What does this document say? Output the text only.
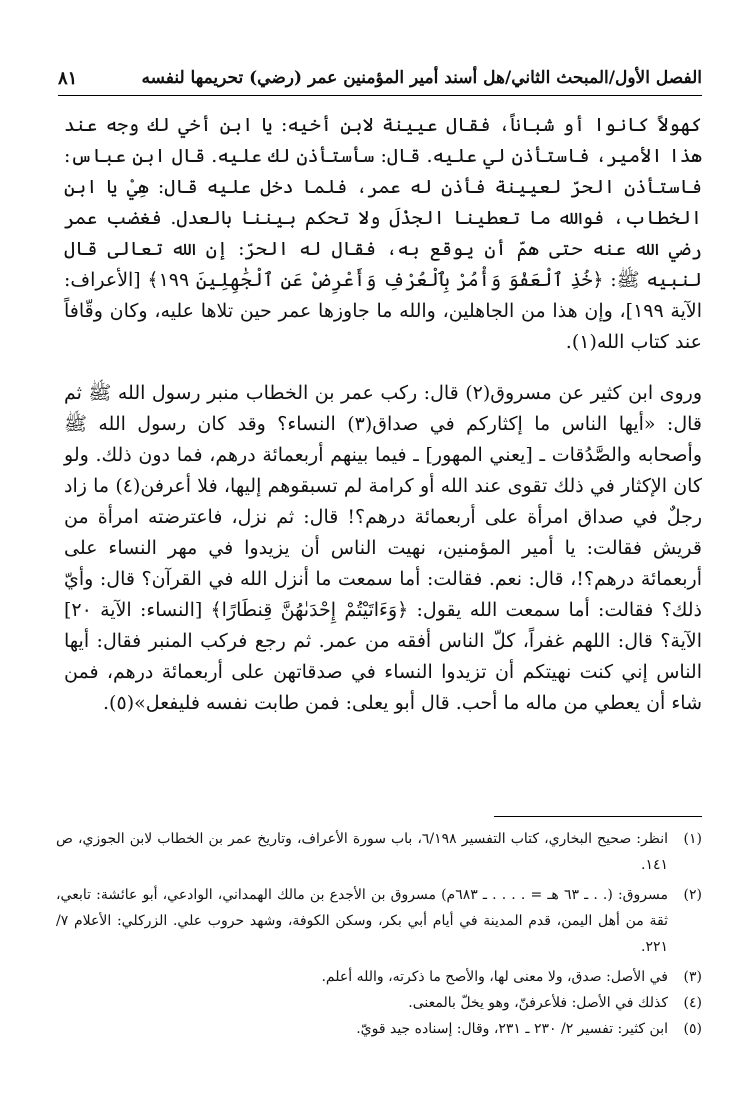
الفصل الأول/المبحث الثاني/هل أسند أمير المؤمنين عمر (رضي) تحريمها لنفسه
٨١

كهولاً كانوا أو شباناً، فقال عيينة لابن أخيه: يا ابن أخي لك وجه عند هذا الأمير، فاستأذن لي عليه. قال: سأستأذن لك عليه. قال ابن عباس: فاستأذن الحرّ لعيينة فأذن له عمر، فلما دخل عليه قال: هِيْ يا ابن الخطاب، فوالله ما تعطينا الجذْلَ ولا تحكم بيننا بالعدل. فغضب عمر رضي الله عنه حتى همّ أن يوقع به، فقال له الحرّ: إن الله تعالى قال لنبيه ﷺ: ﴿خُذِ ٱلْعَفْوَ وَأْمُرْ بِٱلْعُرْفِ وَأَعْرِضْ عَنِ ٱلْجَٰهِلِينَ ١٩٩﴾ [الأعراف: الآية ١٩٩]، وإن هذا من الجاهلين، والله ما جاوزها عمر حين تلاها عليه، وكان وقّافاً عند كتاب الله(١).

وروى ابن كثير عن مسروق(٢) قال: ركب عمر بن الخطاب منبر رسول الله ﷺ ثم قال: «أيها الناس ما إكثاركم في صداق(٣) النساء؟ وقد كان رسول الله ﷺ وأصحابه والصَّدُقات ـ [يعني المهور] ـ فيما بينهم أربعمائة درهم، فما دون ذلك. ولو كان الإكثار في ذلك تقوى عند الله أو كرامة لم تسبقوهم إليها، فلا أعرفن(٤) ما زاد رجلٌ في صداق امرأة على أربعمائة درهم؟! قال: ثم نزل، فاعترضته امرأة من قريش فقالت: يا أمير المؤمنين، نهيت الناس أن يزيدوا في مهر النساء على أربعمائة درهم؟!، قال: نعم. فقالت: أما سمعت ما أنزل الله في القرآن؟ قال: وأيّ ذلك؟ فقالت: أما سمعت الله يقول: ﴿وَءَاتَيْتُمْ إِحْدَىٰهُنَّ قِنطَارًا﴾ [النساء: الآية ٢٠] الآية؟ قال: اللهم غفراً، كلّ الناس أفقه من عمر. ثم رجع فركب المنبر فقال: أيها الناس إني كنت نهيتكم أن تزيدوا النساء في صدقاتهن على أربعمائة درهم، فمن شاء أن يعطي من ماله ما أحب. قال أبو يعلى: فمن طابت نفسه فليفعل»(٥).

(١)
انظر: صحيح البخاري، كتاب التفسير ٦/١٩٨، باب سورة الأعراف، وتاريخ عمر بن الخطاب لابن الجوزي، ص ١٤١.
(٢)
مسروق: (. . ـ ٦٣ هـ = . . . . ـ ٦٨٣م) مسروق بن الأجدع بن مالك الهمداني، الوادعي، أبو عائشة: تابعي، ثقة من أهل اليمن، قدم المدينة في أيام أبي بكر، وسكن الكوفة، وشهد حروب علي. الزركلي: الأعلام ٧/ ٢٢١.
(٣)
في الأصل: صدق، ولا معنى لها، والأصح ما ذكرته، والله أعلم.
(٤)
كذلك في الأصل: فلأعرفنّ، وهو يخلّ بالمعنى.
(٥)
ابن كثير: تفسير ٢/ ٢٣٠ ـ ٢٣١، وقال: إسناده جيد قويّ.
